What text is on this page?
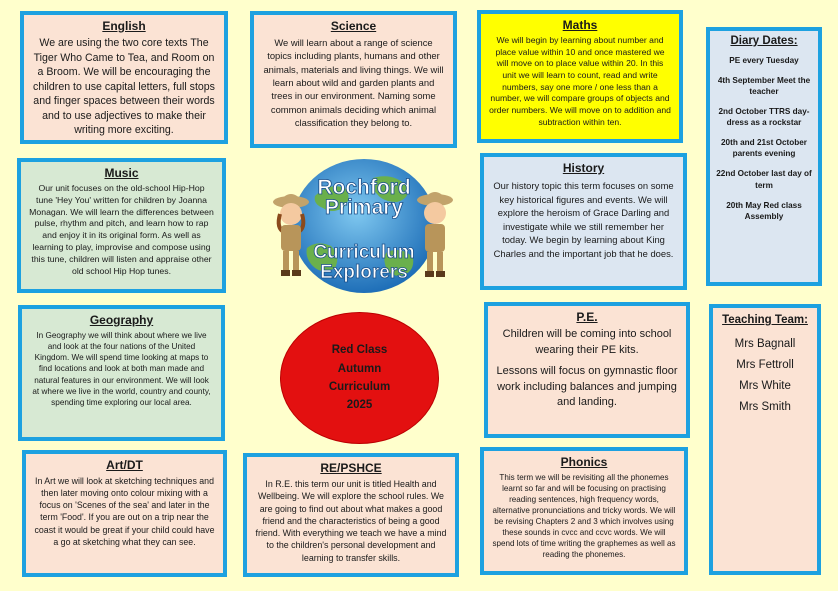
English

We are using the two core texts The Tiger Who Came to Tea, and Room on a Broom. We will be encouraging the children to use capital letters, full stops and finger spaces between their words and to use adjectives to make their writing more exciting.

Science

We will learn about a range of science topics including plants, humans and other animals, materials and living things. We will learn about wild and garden plants and trees in our environment. Naming some common animals deciding which animal classification they belong to.

Maths

We will begin by learning about number and place value within 10 and once mastered we will move on to place value within 20. In this unit we will learn to count, read and write numbers, say one more / one less than a number, we will compare groups of objects and order numbers. We will move on to addition and subtraction within ten.

Diary Dates:
PE every Tuesday
4th September Meet the teacher
2nd October TTRS day- dress as a rockstar
20th and 21st October parents evening
22nd October last day of term
20th May Red class Assembly
Music

Our unit focuses on the old-school Hip-Hop tune 'Hey You' written for children by Joanna Monagan. We will learn the differences between pulse, rhythm and pitch, and learn how to rap and enjoy it in its original form. As well as learning to play, improvise and compose using this tune, children will listen and appraise other old school Hip Hop tunes.

Rochford
Primary
Curriculum
Explorers
History

Our history topic this term focuses on some key historical figures and events. We will explore the heroism of Grace Darling and investigate while we still remember her today. We begin by learning about King Charles and the important job that he does.

Geography

In Geography we will think about where we live and look at the four nations of the United Kingdom. We will spend time looking at maps to find locations and look at both man made and natural features in our environment. We will look at where we live in the world, country and county, spending time exploring our local area.

Red Class
Autumn
Curriculum
2025
P.E.

Children will be coming into school wearing their PE kits.

Lessons will focus on gymnastic floor work including balances and jumping and landing.

Teaching Team:
Mrs Bagnall
Mrs Fettroll
Mrs White
Mrs Smith
Art/DT

In Art we will look at sketching techniques and then later moving onto colour mixing with a focus on 'Scenes of the sea' and later in the term 'Food'. If you are out on a trip near the coast it would be great if your child could have a go at sketching what they can see.

RE/PSHCE

In R.E. this term our unit is titled Health and Wellbeing. We will explore the school rules. We are going to find out about what makes a good friend and the characteristics of being a good friend. With everything we teach we have a mind to the children's personal development and learning to transfer skills.

Phonics

This term we will be revisiting all the phonemes learnt so far and will be focusing on practising reading sentences, high frequency words, alternative pronunciations and tricky words. We will be revising Chapters 2 and 3 which involves using these sounds in cvcc and ccvc words. We will spend lots of time writing the graphemes as well as reading the phonemes.
